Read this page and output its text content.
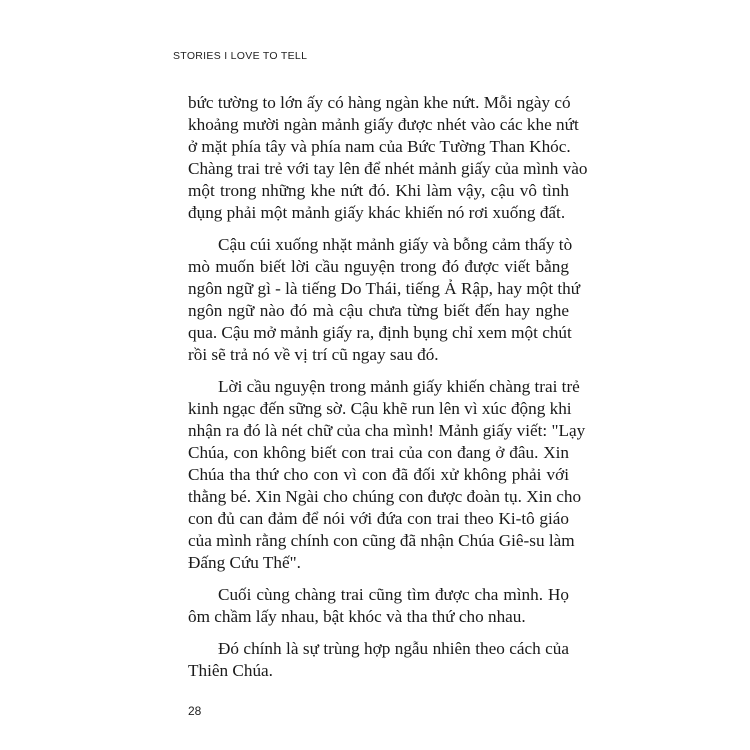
STORIES I LOVE TO TELL
bức tường to lớn ấy có hàng ngàn khe nứt. Mỗi ngày có
khoảng mười ngàn mảnh giấy được nhét vào các khe nứt
ở mặt phía tây và phía nam của Bức Tường Than Khóc.
Chàng trai trẻ với tay lên để nhét mảnh giấy của mình vào
một trong những khe nứt đó. Khi làm vậy, cậu vô tình
đụng phải một mảnh giấy khác khiến nó rơi xuống đất.
Cậu cúi xuống nhặt mảnh giấy và bỗng cảm thấy tò
mò muốn biết lời cầu nguyện trong đó được viết bằng
ngôn ngữ gì - là tiếng Do Thái, tiếng Ả Rập, hay một thứ
ngôn ngữ nào đó mà cậu chưa từng biết đến hay nghe
qua. Cậu mở mảnh giấy ra, định bụng chỉ xem một chút
rồi sẽ trả nó về vị trí cũ ngay sau đó.
Lời cầu nguyện trong mảnh giấy khiến chàng trai trẻ
kinh ngạc đến sững sờ. Cậu khẽ run lên vì xúc động khi
nhận ra đó là nét chữ của cha mình! Mảnh giấy viết: "Lạy
Chúa, con không biết con trai của con đang ở đâu. Xin
Chúa tha thứ cho con vì con đã đối xử không phải với
thằng bé. Xin Ngài cho chúng con được đoàn tụ. Xin cho
con đủ can đảm để nói với đứa con trai theo Ki-tô giáo
của mình rằng chính con cũng đã nhận Chúa Giê-su làm
Đấng Cứu Thế".
Cuối cùng chàng trai cũng tìm được cha mình. Họ
ôm chầm lấy nhau, bật khóc và tha thứ cho nhau.
Đó chính là sự trùng hợp ngẫu nhiên theo cách của
Thiên Chúa.
28
